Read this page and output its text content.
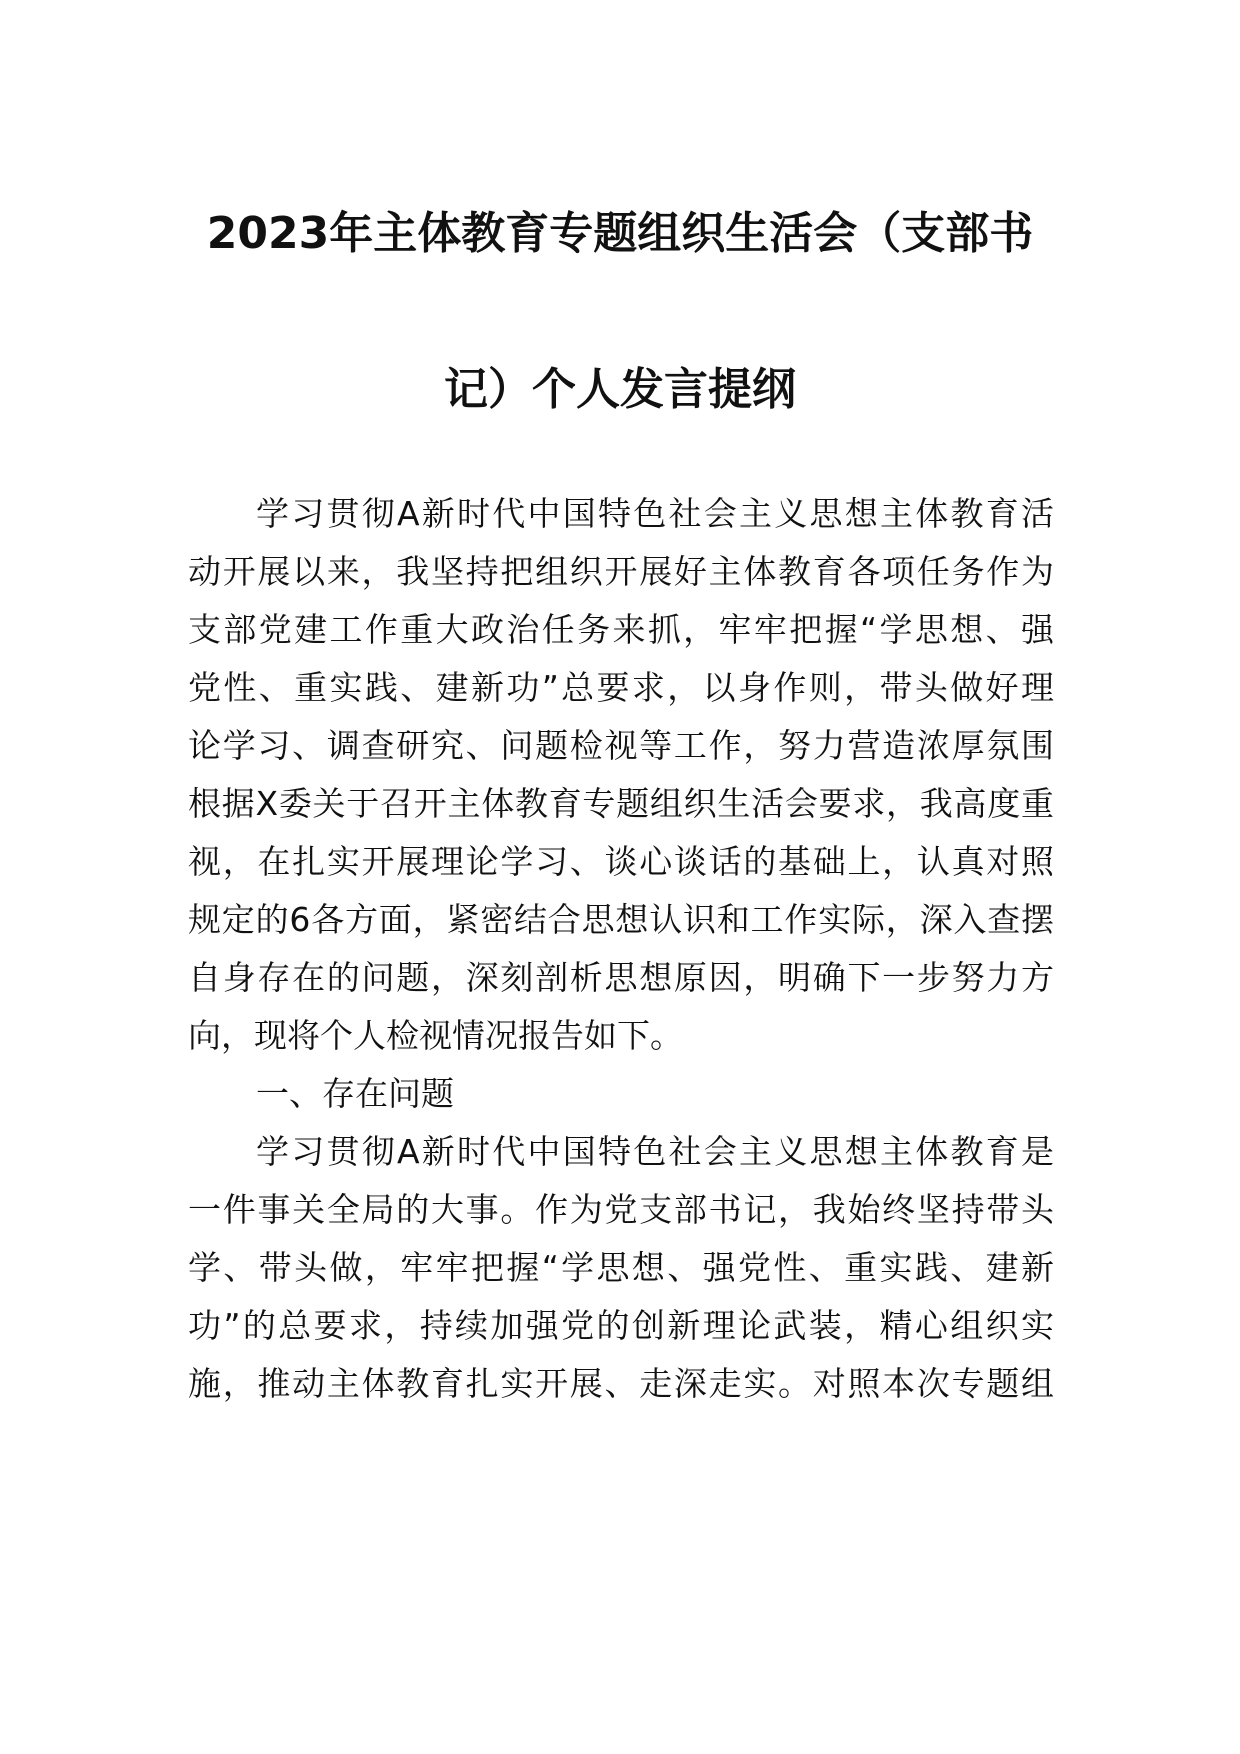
2023年主体教育专题组织生活会（支部书
记）个人发言提纲
学习贯彻A新时代中国特色社会主义思想主体教育活
动开展以来，我坚持把组织开展好主体教育各项任务作为
支部党建工作重大政治任务来抓，牢牢把握“学思想、强
党性、重实践、建新功”总要求，以身作则，带头做好理
论学习、调查研究、问题检视等工作，努力营造浓厚氛围
根据X委关于召开主体教育专题组织生活会要求，我高度重
视，在扎实开展理论学习、谈心谈话的基础上，认真对照
规定的6各方面，紧密结合思想认识和工作实际，深入查摆
自身存在的问题，深刻剖析思想原因，明确下一步努力方
向，现将个人检视情况报告如下。
一、存在问题
学习贯彻A新时代中国特色社会主义思想主体教育是
一件事关全局的大事。作为党支部书记，我始终坚持带头
学、带头做，牢牢把握“学思想、强党性、重实践、建新
功”的总要求，持续加强党的创新理论武装，精心组织实
施，推动主体教育扎实开展、走深走实。对照本次专题组
